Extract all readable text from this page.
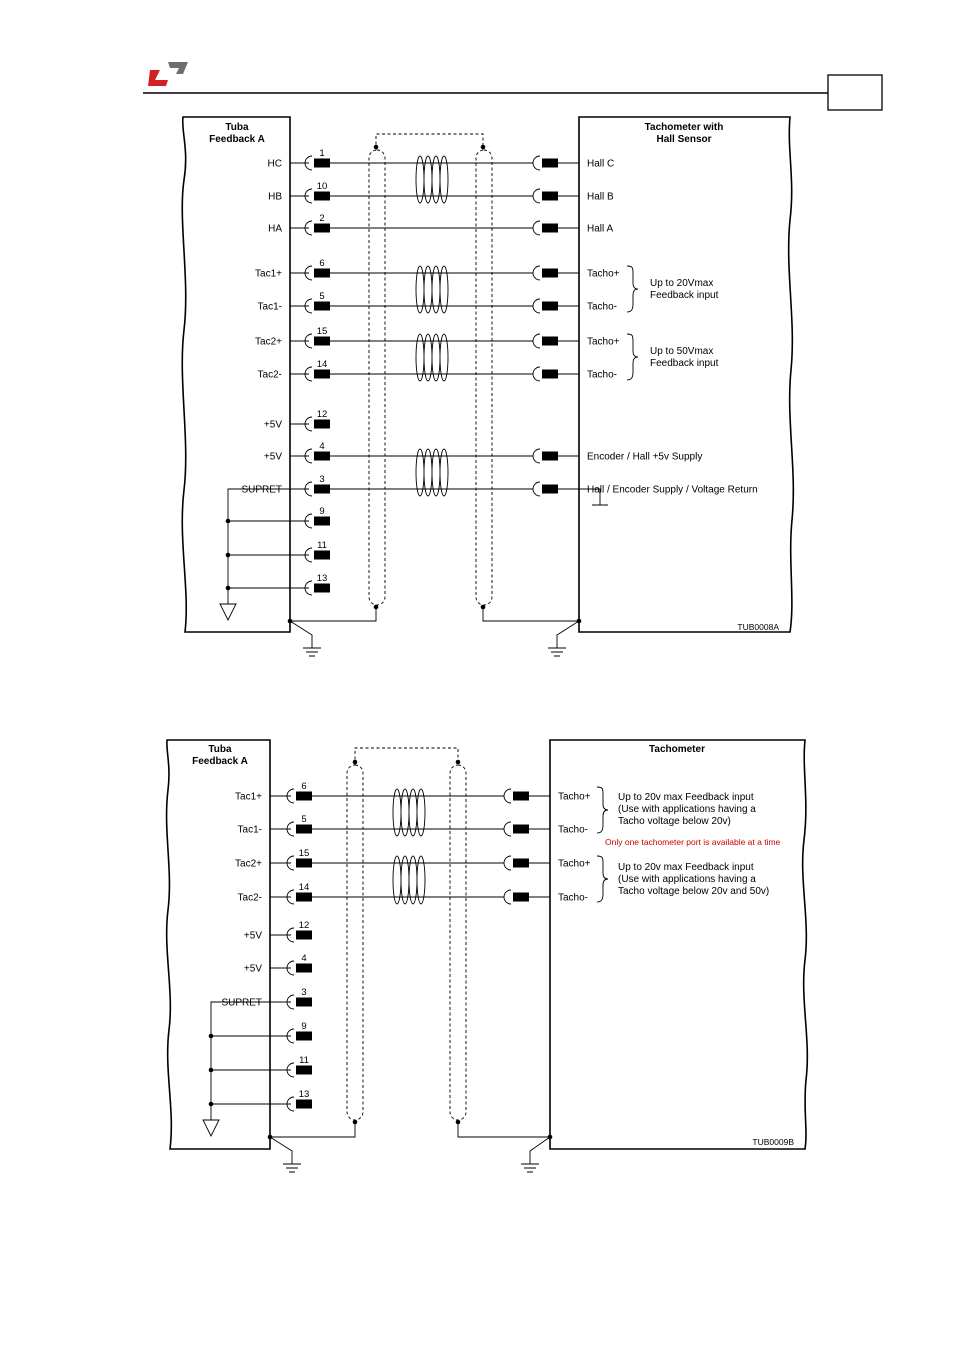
Tuba
Feedback A
Tachometer with
Hall Sensor
HC
1
HB
10
HA
2
Tac1+
6
Tac1-
5
Tac2+
15
Tac2-
14
+5V
12
+5V
4
SUPRET
3
9
11
13
Hall C
Hall B
Hall A
Tacho+
Tacho-
Tacho+
Tacho-
Encoder / Hall +5v Supply
Hall / Encoder Supply / Voltage Return
Up to 20Vmax
Feedback input
Up to 50Vmax
Feedback input
TUB0008A
Tuba
Feedback A
Tachometer
Tac1+
6
Tac1-
5
Tac2+
15
Tac2-
14
+5V
12
+5V
4
SUPRET
3
9
11
13
Tacho+
Tacho-
Tacho+
Tacho-
Up to 20v max Feedback input
(Use with applications having a
Tacho voltage below 20v)
Only one tachometer port is available at a time
Up to 20v max Feedback input
(Use with applications having a
Tacho voltage below 20v and 50v)
TUB0009B
